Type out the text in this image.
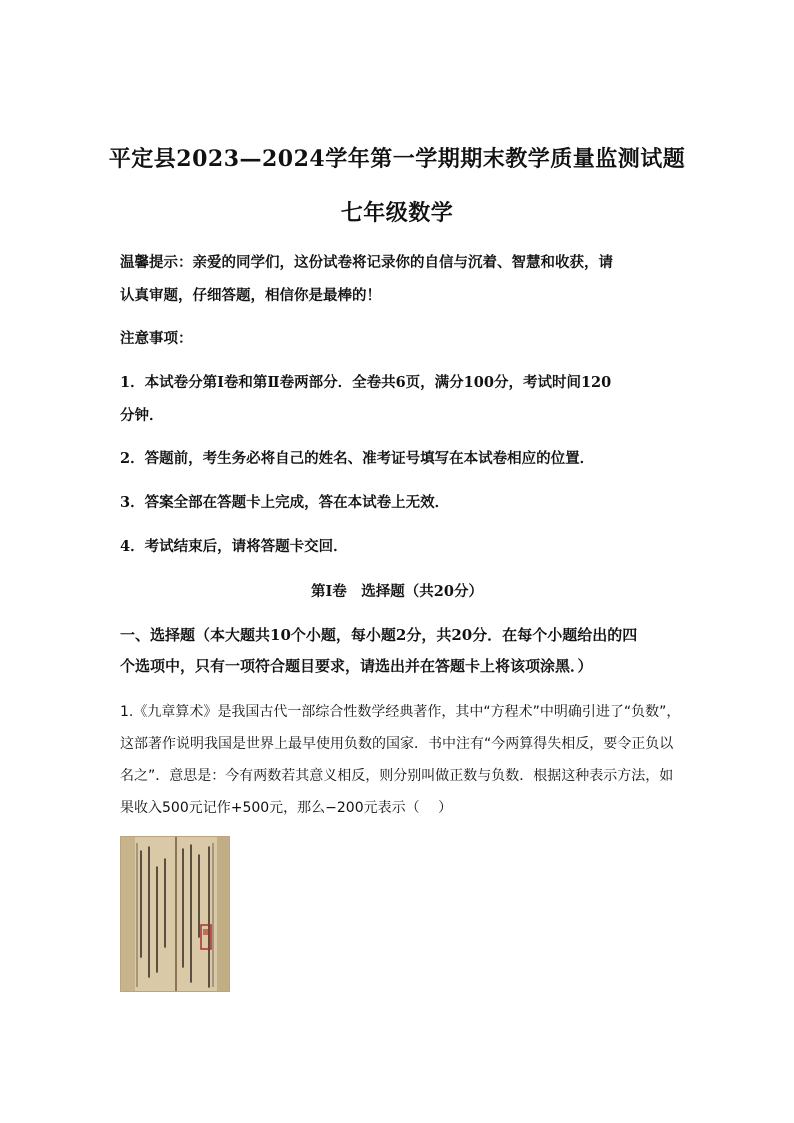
平定县2023—2024学年第一学期期末教学质量监测试题
七年级数学
温馨提示：亲爱的同学们，这份试卷将记录你的自信与沉着、智慧和收获，请
认真审题，仔细答题，相信你是最棒的！
注意事项：
1．本试卷分第Ⅰ卷和第Ⅱ卷两部分．全卷共6页，满分100分，考试时间120
分钟．
2．答题前，考生务必将自己的姓名、准考证号填写在本试卷相应的位置．
3．答案全部在答题卡上完成，答在本试卷上无效．
4．考试结束后，请将答题卡交回．
第Ⅰ卷　选择题（共20分）
一、选择题（本大题共10个小题，每小题2分，共20分．在每个小题给出的四
个选项中，只有一项符合题目要求，请选出并在答题卡上将该项涂黑．）
1.《九章算术》是我国古代一部综合性数学经典著作，其中“方程术”中明确引进了“负数”，
这部著作说明我国是世界上最早使用负数的国家．书中注有“今两算得失相反，要令正负以
名之”．意思是：今有两数若其意义相反，则分别叫做正数与负数．根据这种表示方法，如
果收入500元记作+500元，那么−200元表示（　 ）
